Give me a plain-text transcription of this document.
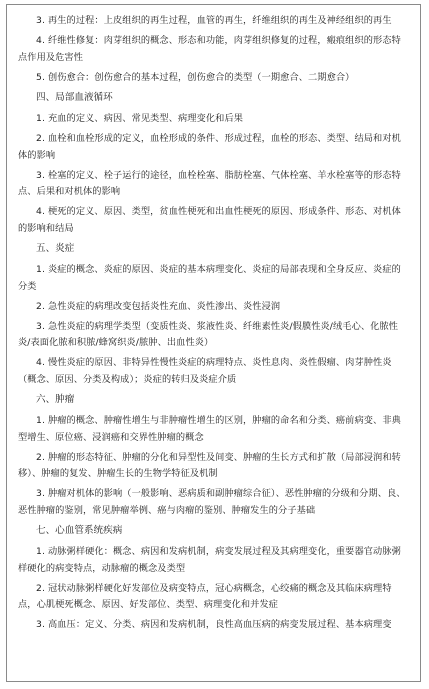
3. 再生的过程：上皮组织的再生过程，血管的再生，纤维组织的再生及神经组织的再生
4. 纤维性修复：肉芽组织的概念、形态和功能，肉芽组织修复的过程，瘢痕组织的形态特点作用及危害性
5. 创伤愈合：创伤愈合的基本过程，创伤愈合的类型（一期愈合、二期愈合）
四、局部血液循环
1. 充血的定义、病因、常见类型、病理变化和后果
2. 血栓和血栓形成的定义，血栓形成的条件、形成过程，血栓的形态、类型、结局和对机体的影响
3. 栓塞的定义、栓子运行的途径，血栓栓塞、脂肪栓塞、气体栓塞、羊水栓塞等的形态特点、后果和对机体的影响
4. 梗死的定义、原因、类型，贫血性梗死和出血性梗死的原因、形成条件、形态、对机体的影响和结局
五、炎症
1. 炎症的概念、炎症的原因、炎症的基本病理变化、炎症的局部表现和全身反应、炎症的分类
2. 急性炎症的病理改变包括炎性充血、炎性渗出、炎性浸润
3. 急性炎症的病理学类型（变质性炎、浆液性炎、纤维素性炎/假膜性炎/绒毛心、化脓性炎/表面化脓和积脓/蜂窝织炎/脓肿、出血性炎）
4. 慢性炎症的原因、非特异性慢性炎症的病理特点、炎性息肉、炎性假瘤、肉芽肿性炎（概念、原因、分类及构成）；炎症的转归及炎症介质
六、肿瘤
1. 肿瘤的概念、肿瘤性增生与非肿瘤性增生的区别，肿瘤的命名和分类、癌前病变、非典型增生、原位癌、浸润癌和交界性肿瘤的概念
2. 肿瘤的形态特征、肿瘤的分化和异型性及间变、肿瘤的生长方式和扩散（局部浸润和转移）、肿瘤的复发、肿瘤生长的生物学特征及机制
3. 肿瘤对机体的影响（一般影响、恶病质和副肿瘤综合征）、恶性肿瘤的分级和分期、良、恶性肿瘤的鉴别，常见肿瘤举例、癌与肉瘤的鉴别、肿瘤发生的分子基础
七、心血管系统疾病
1. 动脉粥样硬化：概念、病因和发病机制，病变发展过程及其病理变化，重要器官动脉粥样硬化的病变特点，动脉瘤的概念及类型
2. 冠状动脉粥样硬化好发部位及病变特点，冠心病概念，心绞痛的概念及其临床病理特点，心肌梗死概念、原因、好发部位、类型、病理变化和并发症
3. 高血压：定义、分类、病因和发病机制，良性高血压病的病变发展过程、基本病理变
